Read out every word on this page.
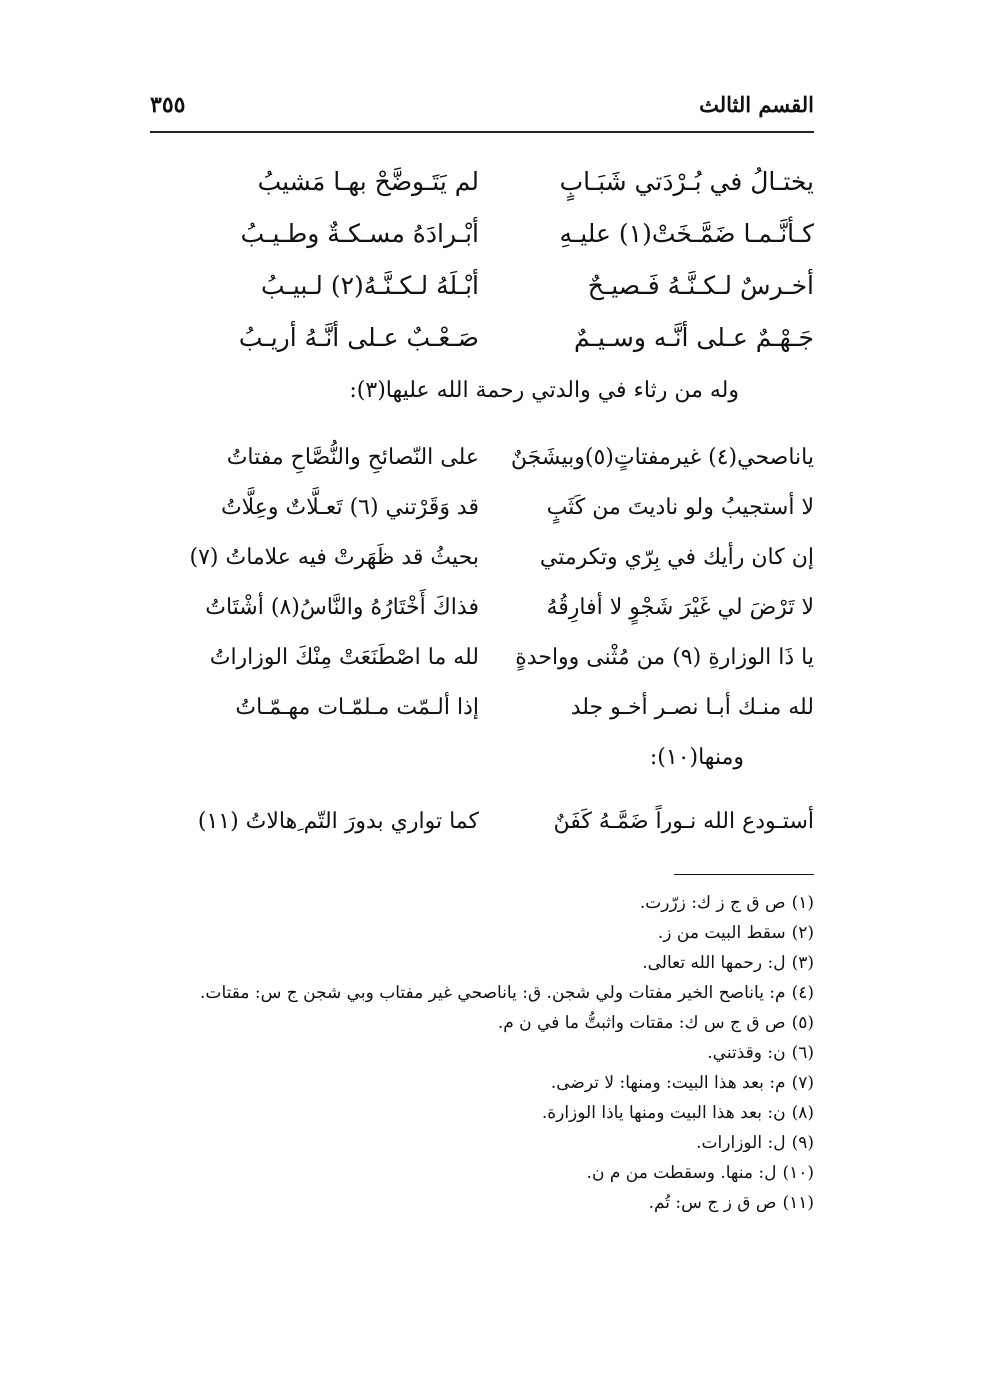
القسم الثالث
٣٥٥
يختـالُ في بُـرْدَتي شَبَـابٍ
لم يَتَـوضَّحْ بهـا مَشيبُ
كـأنَّـمـا ضَمَّـخَتْ(١) عليـهِ
أبْـرادَهُ مسـكـةٌ وطـيـبُ
أخـرسٌ لـكـنَّـهُ فَـصيـحٌ
أبْـلَهُ لـكـنَّـهُ(٢) لـبيـبُ
جَـهْـمٌ عـلى أنَّـه وسـيـمٌ
صَـعْـبٌ عـلى أنَّـهُ أريـبُ
وله من رثاء في والدتي رحمة الله عليها(٣):
ياناصحي(٤) غيرمفتاتٍ(٥)وبيشَجَنٌ
على النّصائحِ والنُّصَّاحِ مفتاتُ
لا أستجيبُ ولو ناديتَ من كَثَبٍ
قد وَقَرْتني (٦) تَعـلَّاتٌ وعِلَّاتُ
إن كان رأيك في بِرّي وتكرمتي
بحيثُ قد ظَهَرتْ فيه علاماتُ (٧)
لا تَرْضَ لي غَيْرَ شَجْوٍ لا أفارِقُهُ
فذاكَ أَخْتَارُهُ والنَّاسُ(٨) أشْتَاتُ
يا ذَا الوزارةِ (٩) من مُثْنى وواحدةٍ
لله ما اصْطَنَعَتْ مِنْكَ الوزاراتُ
لله منـك أبـا نصـر أخـو جلد
إذا ألـمّت مـلمّـات مهـمّـاتُ
ومنها(١٠):
أستـودع الله نـوراً ضَمَّـهُ كَفَنٌ
كما تواري بدورَ التّم ِهالاتُ (١١)
(١)ص ق ج ز ك: زرّرت.
(٢)سقط البيت من ز.
(٣)ل: رحمها الله تعالى.
(٤)م: ياناصح الخير مفتات ولي شجن. ق: ياناصحي غير مفتاب وبي شجن ج س: مقتات.
(٥)ص ق ج س ك: مقتات واثبتُّ ما في ن م.
(٦)ن: وقذتني.
(٧)م: بعد هذا البيت: ومنها: لا ترضى.
(٨)ن: بعد هذا البيت ومنها ياذا الوزارة.
(٩)ل: الوزارات.
(١٠)ل: منها. وسقطت من م ن.
(١١)ص ق ز ج س: تُم.
